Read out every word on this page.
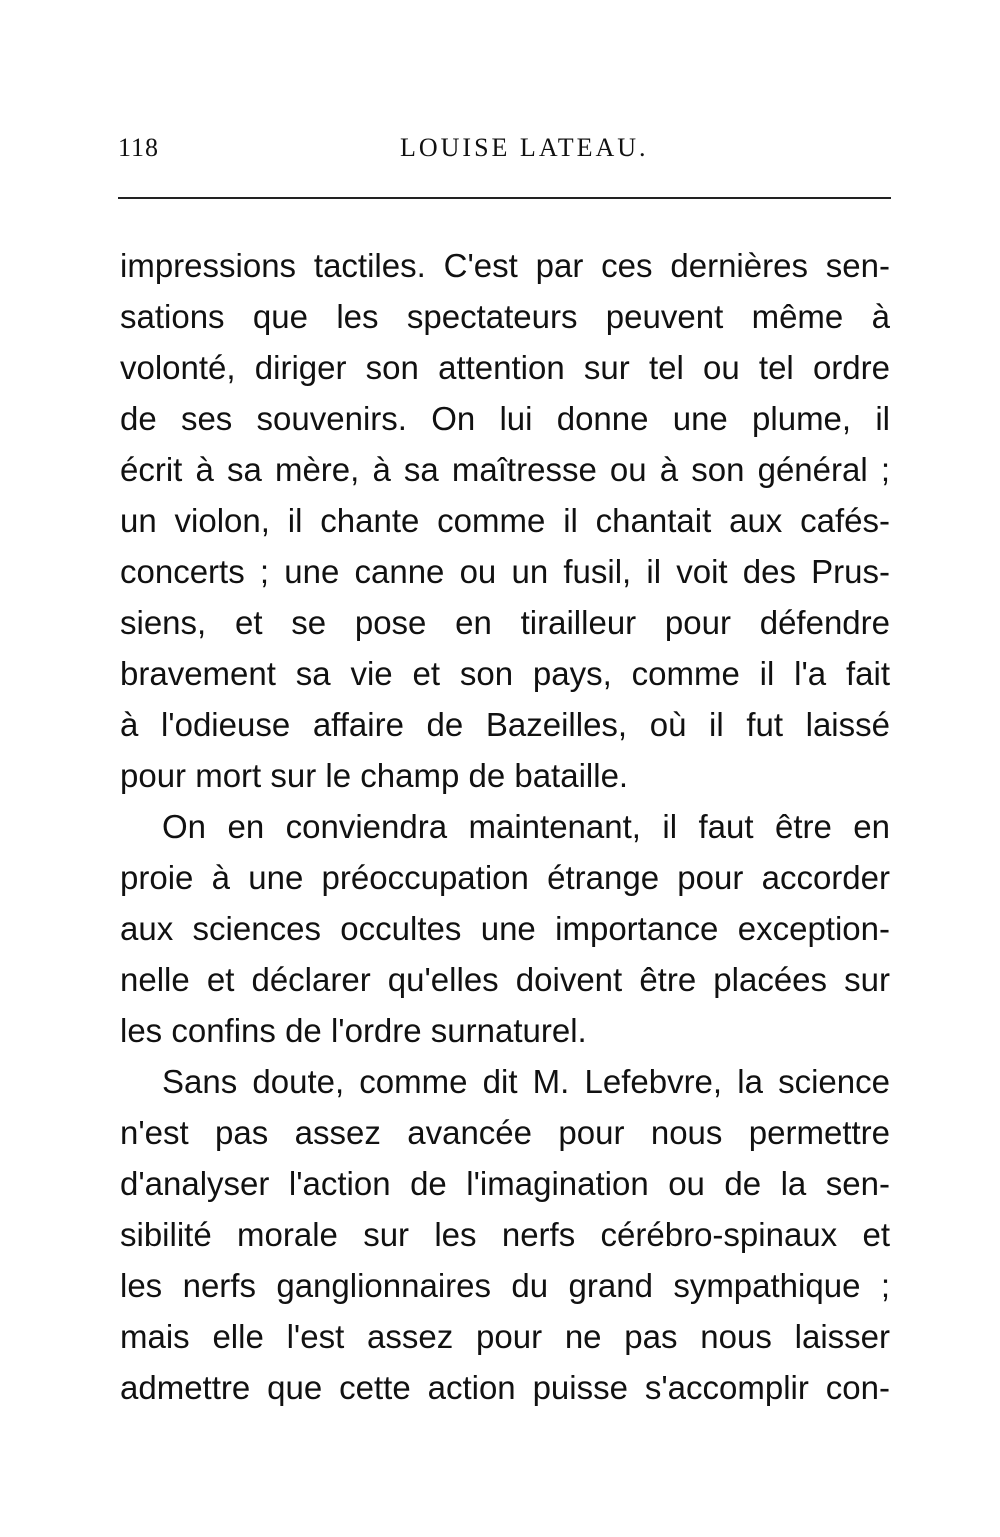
118	LOUISE LATEAU.
impressions tactiles. C'est par ces dernières sen-
sations que les spectateurs peuvent même à
volonté, diriger son attention sur tel ou tel ordre
de ses souvenirs. On lui donne une plume, il
écrit à sa mère, à sa maîtresse ou à son général ;
un violon, il chante comme il chantait aux cafés-
concerts ; une canne ou un fusil, il voit des Prus-
siens, et se pose en tirailleur pour défendre
bravement sa vie et son pays, comme il l'a fait
à l'odieuse affaire de Bazeilles, où il fut laissé
pour mort sur le champ de bataille.
On en conviendra maintenant, il faut être en
proie à une préoccupation étrange pour accorder
aux sciences occultes une importance exception-
nelle et déclarer qu'elles doivent être placées sur
les confins de l'ordre surnaturel.
Sans doute, comme dit M. Lefebvre, la science
n'est pas assez avancée pour nous permettre
d'analyser l'action de l'imagination ou de la sen-
sibilité morale sur les nerfs cérébro-spinaux et
les nerfs ganglionnaires du grand sympathique ;
mais elle l'est assez pour ne pas nous laisser
admettre que cette action puisse s'accomplir con-
